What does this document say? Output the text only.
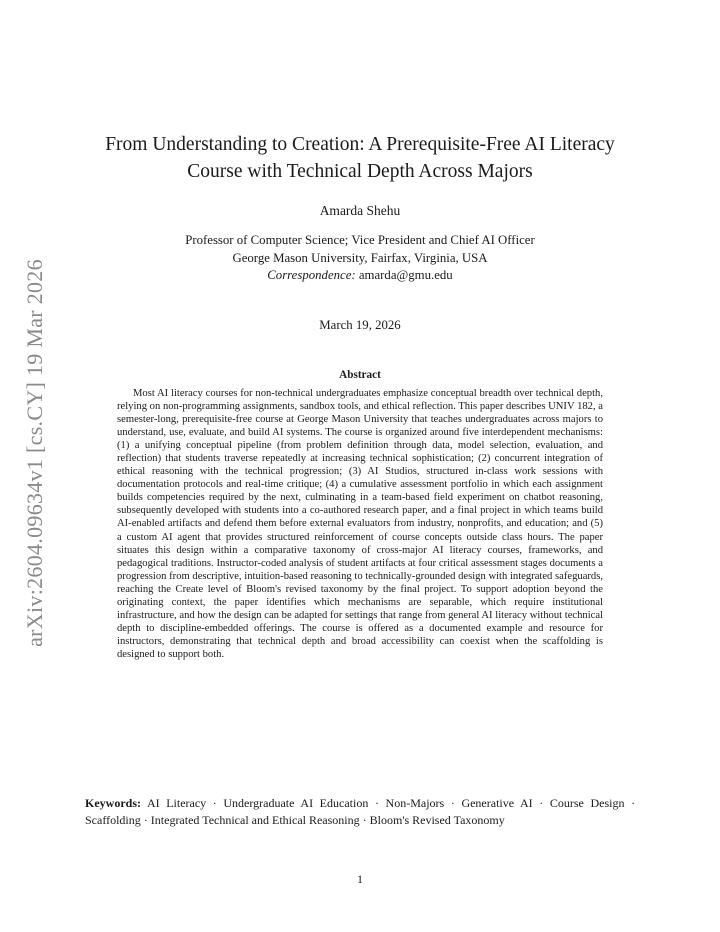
arXiv:2604.09634v1 [cs.CY] 19 Mar 2026
From Understanding to Creation: A Prerequisite-Free AI Literacy
Course with Technical Depth Across Majors
Amarda Shehu
Professor of Computer Science; Vice President and Chief AI Officer
George Mason University, Fairfax, Virginia, USA
Correspondence: amarda@gmu.edu
March 19, 2026
Abstract

Most AI literacy courses for non-technical undergraduates emphasize conceptual breadth over technical depth, relying on non-programming assignments, sandbox tools, and ethical reflection. This paper describes UNIV 182, a semester-long, prerequisite-free course at George Mason University that teaches undergraduates across majors to understand, use, evaluate, and build AI systems. The course is organized around five interdependent mechanisms: (1) a unifying conceptual pipeline (from problem definition through data, model selection, evaluation, and reflection) that students traverse repeatedly at increasing technical sophistication; (2) concurrent integration of ethical reasoning with the technical progression; (3) AI Studios, structured in-class work sessions with documentation protocols and real-time critique; (4) a cumulative assessment portfolio in which each assignment builds competencies required by the next, culminating in a team-based field experiment on chatbot reasoning, subsequently developed with students into a co-authored research paper, and a final project in which teams build AI-enabled artifacts and defend them before external evaluators from industry, nonprofits, and education; and (5) a custom AI agent that provides structured reinforcement of course concepts outside class hours. The paper situates this design within a comparative taxonomy of cross-major AI literacy courses, frameworks, and pedagogical traditions. Instructor-coded analysis of student artifacts at four critical assessment stages documents a progression from descriptive, intuition-based reasoning to technically-grounded design with integrated safeguards, reaching the Create level of Bloom's revised taxonomy by the final project. To support adoption beyond the originating context, the paper identifies which mechanisms are separable, which require institutional infrastructure, and how the design can be adapted for settings that range from general AI literacy without technical depth to discipline-embedded offerings. The course is offered as a documented example and resource for instructors, demonstrating that technical depth and broad accessibility can coexist when the scaffolding is designed to support both.

Keywords: AI Literacy · Undergraduate AI Education · Non-Majors · Generative AI · Course Design · Scaffolding · Integrated Technical and Ethical Reasoning · Bloom's Revised Taxonomy
1
